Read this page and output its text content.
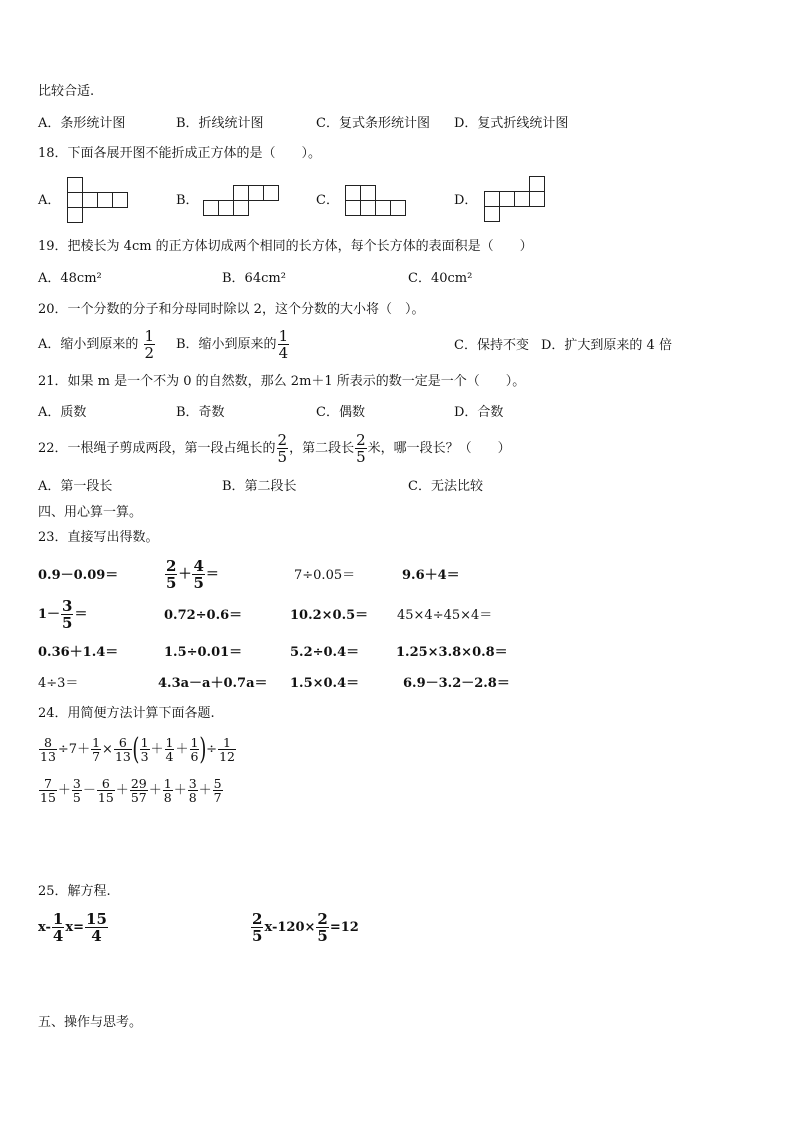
比较合适.
A．条形统计图	B．折线统计图	C．复式条形统计图 D．复式折线统计图
18．下面各展开图不能折成正方体的是（　　）。
A．	B．	C．	D．
19．把棱长为 4cm 的正方体切成两个相同的长方体，每个长方体的表面积是（　　）
A．48cm²	B．64cm²	C．40cm²
20．一个分数的分子和分母同时除以 2，这个分数的大小将（　）。
A．缩小到原来的 $\frac{1}{2}$ B．缩小到原来的 $\frac{1}{4}$	C．保持不变 D．扩大到原来的 4 倍
21．如果 m 是一个不为 0 的自然数，那么 2m＋1 所表示的数一定是一个（　　）。
A．质数	B．奇数	C．偶数	D．合数
22．一根绳子剪成两段，第一段占绳长的 $\frac{2}{5}$ ，第二段长 $\frac{2}{5}$ 米，哪一段长？（　　）
A．第一段长	B．第二段长	C．无法比较
四、用心算一算。
23．直接写出得数。
0.9－0.09＝	$\frac{2}{5} + \frac{4}{5}$ ＝	7÷0.05＝	9.6＋4＝
$1- \frac{3}{5}$ ＝	0.72÷0.6＝	10.2×0.5＝ 45×4÷45×4＝
0.36＋1.4＝	1.5÷0.01＝	5.2÷0.4＝	1.25×3.8×0.8＝
4÷3＝	4.3a－a＋0.7a＝ 1.5×0.4＝	6.9－3.2－2.8＝
24．用简便方法计算下面各题.
$\frac{8}{13} \div 7+ \frac{1}{7} \times \frac{6}{13}$ ( $\frac{1}{3} + \frac{1}{4} + \frac{1}{6}$ )÷ $\frac{1}{12}$
$\frac{7}{15} + \frac{3}{5} - \frac{6}{15} + \frac{29}{57} + \frac{1}{8} + \frac{3}{8} + \frac{5}{7}$
25．解方程.
$x- \frac{1}{4} x= \frac{15}{4}$	$\frac{2}{5} x-120\times \frac{2}{5} =12$
五、操作与思考。
